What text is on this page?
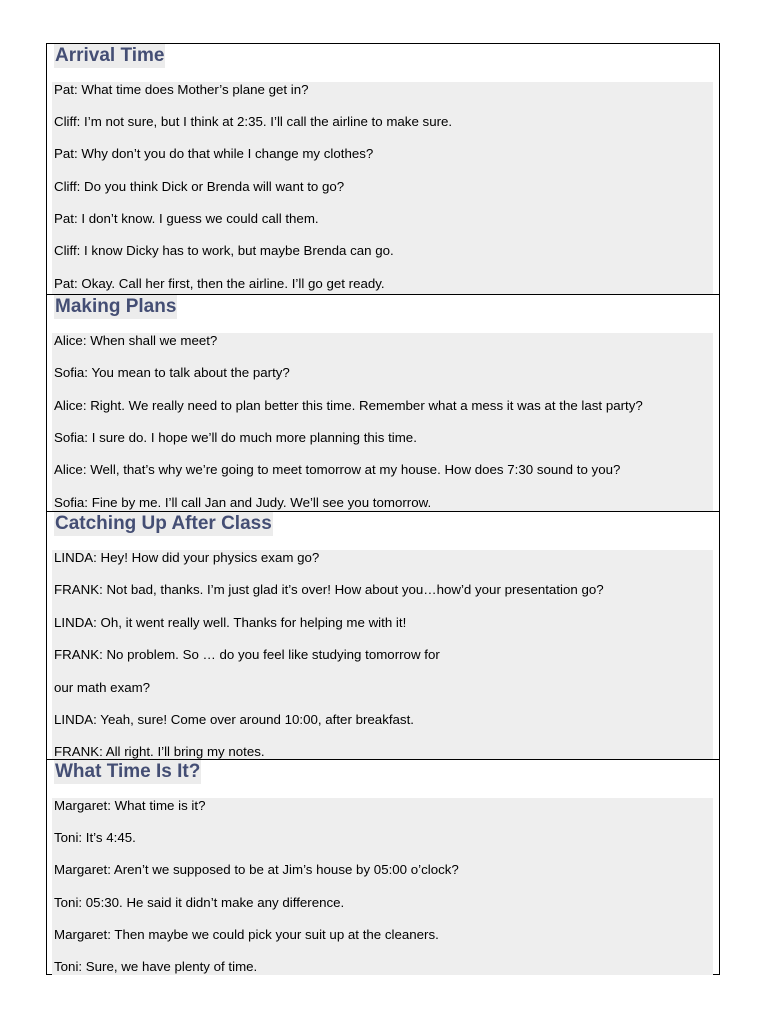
Arrival Time
Pat: What time does Mother’s plane get in?
Cliff: I’m not sure, but I think at 2:35. I’ll call the airline to make sure.
Pat: Why don’t you do that while I change my clothes?
Cliff: Do you think Dick or Brenda will want to go?
Pat: I don’t know. I guess we could call them.
Cliff: I know Dicky has to work, but maybe Brenda can go.
Pat: Okay. Call her first, then the airline. I’ll go get ready.
Making Plans
Alice: When shall we meet?
Sofia: You mean to talk about the party?
Alice: Right. We really need to plan better this time. Remember what a mess it was at the last party?
Sofia: I sure do. I hope we’ll do much more planning this time.
Alice: Well, that’s why we’re going to meet tomorrow at my house. How does 7:30 sound to you?
Sofia: Fine by me. I’ll call Jan and Judy. We’ll see you tomorrow.
Catching Up After Class
LINDA: Hey! How did your physics exam go?
FRANK: Not bad, thanks. I’m just glad it’s over! How about you…how’d your presentation go?
LINDA: Oh, it went really well. Thanks for helping me with it!
FRANK: No problem. So … do you feel like studying tomorrow for
our math exam?
LINDA: Yeah, sure! Come over around 10:00, after breakfast.
FRANK: All right. I’ll bring my notes.
What Time Is It?
Margaret: What time is it?
Toni: It’s 4:45.
Margaret: Aren’t we supposed to be at Jim’s house by 05:00 o’clock?
Toni: 05:30. He said it didn’t make any difference.
Margaret: Then maybe we could pick your suit up at the cleaners.
Toni: Sure, we have plenty of time.
